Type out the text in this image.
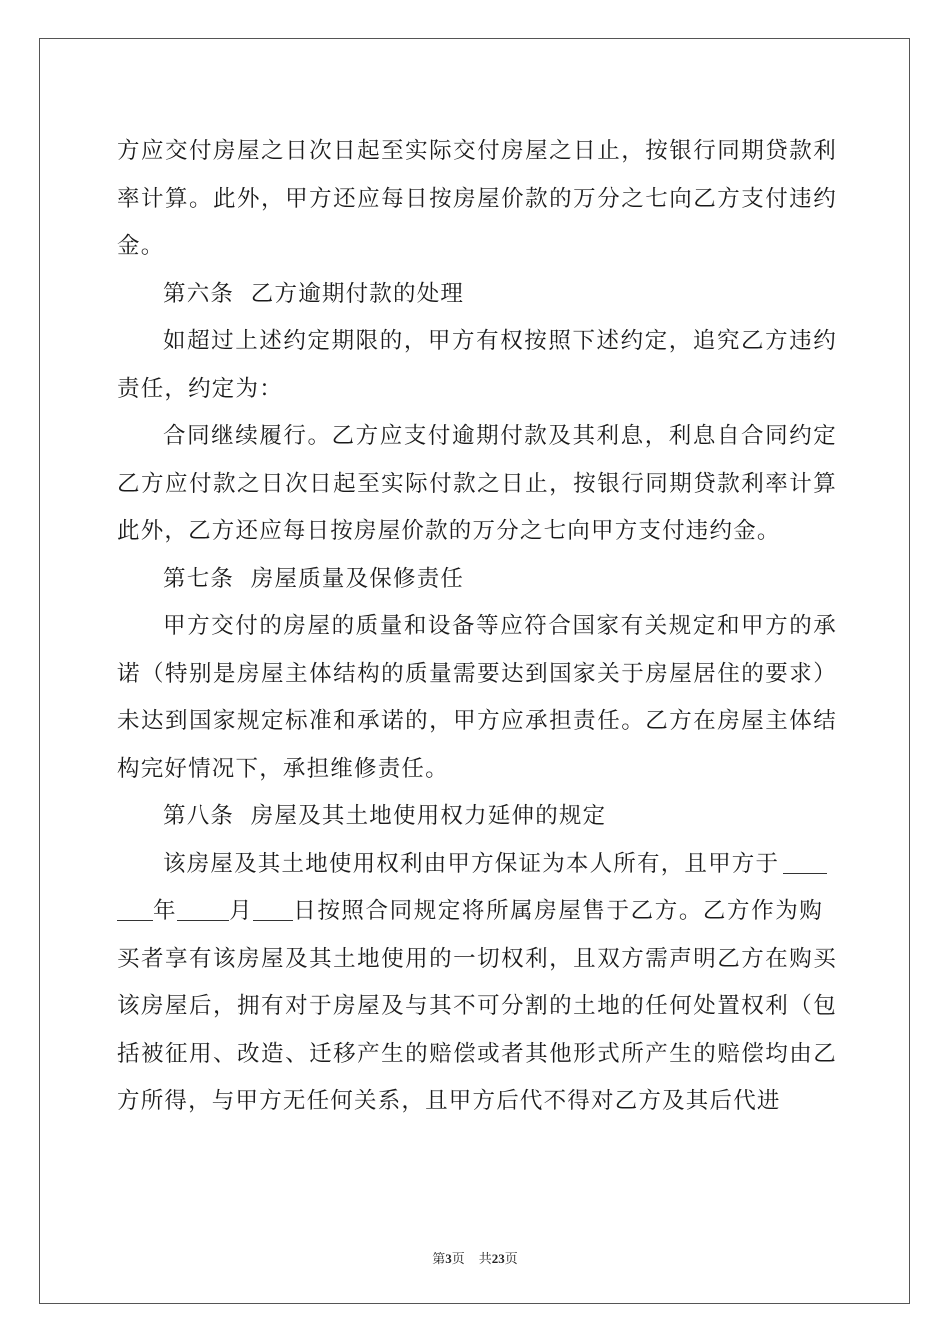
方应交付房屋之日次日起至实际交付房屋之日止，按银行同期贷款利
率计算。此外，甲方还应每日按房屋价款的万分之七向乙方支付违约
金。
第六条  乙方逾期付款的处理
如超过上述约定期限的，甲方有权按照下述约定，追究乙方违约
责任，约定为：
合同继续履行。乙方应支付逾期付款及其利息，利息自合同约定
乙方应付款之日次日起至实际付款之日止，按银行同期贷款利率计算
此外，乙方还应每日按房屋价款的万分之七向甲方支付违约金。
第七条  房屋质量及保修责任
甲方交付的房屋的质量和设备等应符合国家有关规定和甲方的承
诺（特别是房屋主体结构的质量需要达到国家关于房屋居住的要求）
未达到国家规定标准和承诺的，甲方应承担责任。乙方在房屋主体结
构完好情况下，承担维修责任。
第八条  房屋及其土地使用权力延伸的规定
该房屋及其土地使用权利由甲方保证为本人所有，且甲方于
年 月 日按照合同规定将所属房屋售于乙方。乙方作为购
买者享有该房屋及其土地使用的一切权利，且双方需声明乙方在购买
该房屋后，拥有对于房屋及与其不可分割的土地的任何处置权利（包
括被征用、改造、迁移产生的赔偿或者其他形式所产生的赔偿均由乙
方所得，与甲方无任何关系，且甲方后代不得对乙方及其后代进
第3页 共23页
